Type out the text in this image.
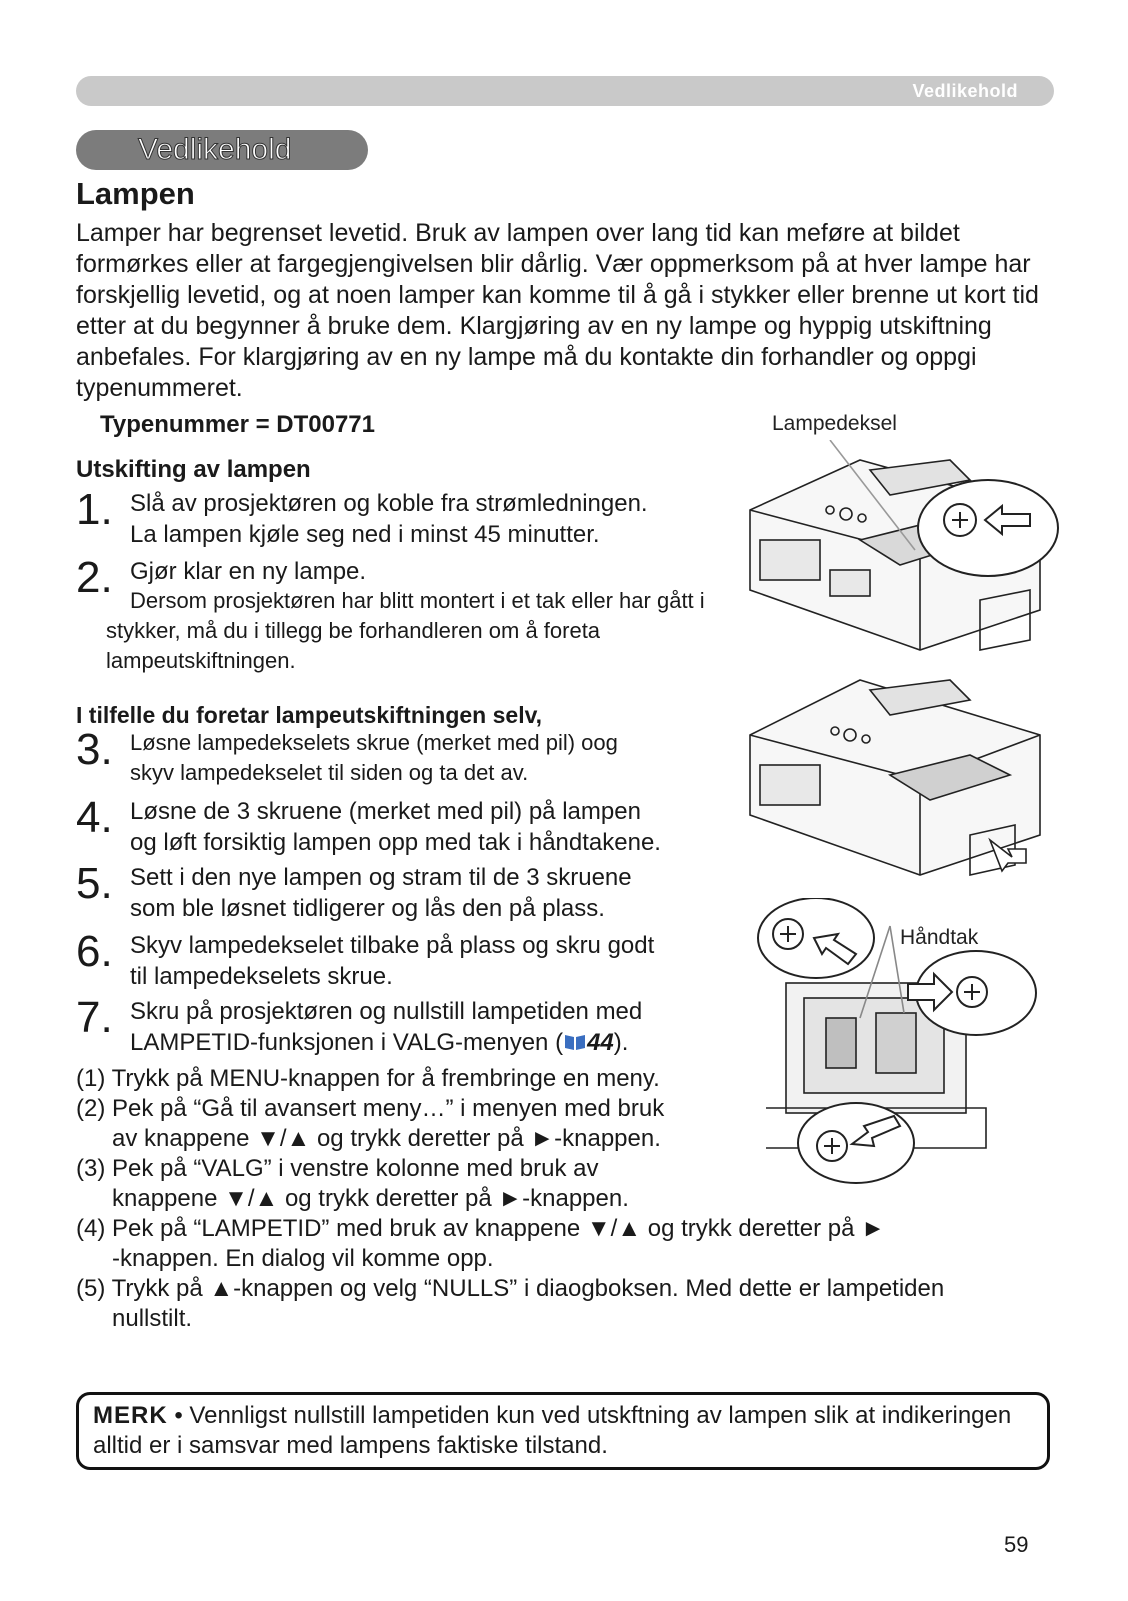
Vedlikehold
Vedlikehold
Lampen
Lamper har begrenset levetid. Bruk av lampen over lang tid kan meføre at bildet formørkes eller at fargegjengivelsen blir dårlig. Vær oppmerksom på at hver lampe har forskjellig levetid, og at noen lamper kan komme til å gå i stykker eller brenne ut kort tid etter at du begynner å bruke dem. Klargjøring av en ny lampe og hyppig utskiftning anbefales. For klargjøring av en ny lampe må du kontakte din forhandler og oppgi typenummeret.
Typenummer = DT00771
Utskifting av lampen
1. Slå av prosjektøren og koble fra strømledningen.
La lampen kjøle seg ned i minst 45 minutter.
2. Gjør klar en ny lampe.
Dersom prosjektøren har blitt montert i et tak eller har gått i stykker, må du i tillegg be forhandleren om å foreta lampeutskiftningen.
I tilfelle du foretar lampeutskiftningen selv,
3. Løsne lampedekselets skrue (merket med pil) oog
skyv lampedekselet til siden og ta det av.
4. Løsne de 3 skruene (merket med pil) på lampen
og løft forsiktig lampen opp med tak i håndtakene.
5. Sett i den nye lampen og stram til de 3 skruene
som ble løsnet tidligerer og lås den på plass.
6. Skyv lampedekselet tilbake på plass og skru godt
til lampedekselets skrue.
7. Skru på prosjektøren og nullstill lampetiden med
LAMPETID-funksjonen i VALG-menyen ( 44).
(1) Trykk på MENU-knappen for å frembringe en meny.
(2) Pek på “Gå til avansert meny…” i menyen med bruk
av knappene ▼/▲ og trykk deretter på ►-knappen.
(3) Pek på “VALG” i venstre kolonne med bruk av
knappene ▼/▲ og trykk deretter på ►-knappen.
(4) Pek på “LAMPETID” med bruk av knappene ▼/▲ og trykk deretter på ►
-knappen. En dialog vil komme opp.
(5) Trykk på ▲-knappen og velg “NULLS” i diaogboksen. Med dette er lampetiden
nullstilt.
MERK • Vennligst nullstill lampetiden kun ved utskftning av lampen slik at indikeringen alltid er i samsvar med lampens faktiske tilstand.
59
Lampedeksel
Håndtak
